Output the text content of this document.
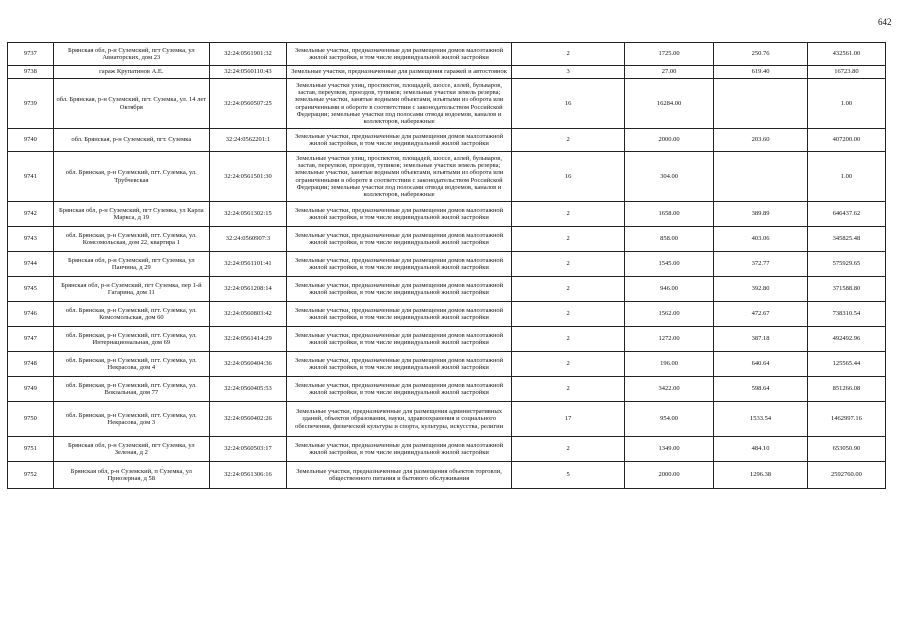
642
9737	Брянская обл, р-н Суземский, пгт Суземка, ул Авиаторских, дом 23	32:24:0561901:32	Земельные участки, предназначенные для размещения домов малоэтажной жилой застройки, в том числе индивидуальной жилой застройки	2	1725.00	250.76	432561.00
9738	гараж Крупатинов А.Е.	32:24:0560110:43	Земельные участки, предназначенные для размещения гаражей и автостоянок	3	27.00	619.40	16723.80
9739	обл. Брянская, р-н Суземский, пгт. Суземка, ул. 14 лет Октября	32:24:0560507:25	Земельные участки улиц, проспектов, площадей, шоссе, аллей, бульваров, застав, переулков, проездов, тупиков; земельные участки земель резерва; земельные участки, занятые водными объектами, изъятыми из оборота или ограниченными в обороте в соответствии с законодательством Российской Федерации; земельные участки под полосами отвода водоемов, каналов и коллекторов, набережные	16	16284.00		1.00
9740	обл. Брянская, р-н Суземский, пгт. Суземка	32:24:0562201:1	Земельные участки, предназначенные для размещения домов малоэтажной жилой застройки, в том числе индивидуальной жилой застройки	2	2000.00	203.60	407200.00
9741	обл. Брянская, р-н Суземский, пгт. Суземка, ул. Трубчевская	32:24:0561501:30	Земельные участки улиц, проспектов, площадей, шоссе, аллей, бульваров, застав, переулков, проездов, тупиков; земельные участки земель резерва; земельные участки, занятые водными объектами, изъятыми из оборота или ограниченными в обороте в соответствии с законодательством Российской Федерации; земельные участки под полосами отвода водоемов, каналов и коллекторов, набережные	16	304.00		1.00
9742	Брянская обл, р-н Суземский, пгт Суземка, ул Карла Маркса, д 19	32:24:0561302:15	Земельные участки, предназначенные для размещения домов малоэтажной жилой застройки, в том числе индивидуальной жилой застройки	2	1658.00	389.89	646437.62
9743	обл. Брянская, р-н Суземский, пгт. Суземка, ул. Комсомольская, дом 22, квартира 1	32:24:0560907:3	Земельные участки, предназначенные для размещения домов малоэтажной жилой застройки, в том числе индивидуальной жилой застройки	2	858.00	403.06	345825.48
9744	Брянская обл, р-н Суземский, пгт Суземка, ул Панчина, д 29	32:24:0561101:41	Земельные участки, предназначенные для размещения домов малоэтажной жилой застройки, в том числе индивидуальной жилой застройки	2	1545.00	372.77	575929.65
9745	Брянская обл, р-н Суземский, пгт Суземка, пер 1-й Гагарина, дом 11	32:24:0561208:14	Земельные участки, предназначенные для размещения домов малоэтажной жилой застройки, в том числе индивидуальной жилой застройки	2	946.00	392.80	371588.80
9746	обл. Брянская, р-н Суземский, пгт. Суземка, ул. Комсомольская, дом 60	32:24:0560803:42	Земельные участки, предназначенные для размещения домов малоэтажной жилой застройки, в том числе индивидуальной жилой застройки	2	1562.00	472.67	738310.54
9747	обл. Брянская, р-н Суземский, пгт. Суземка, ул. Интернациональная, дом 69	32:24:0561414:29	Земельные участки, предназначенные для размещения домов малоэтажной жилой застройки, в том числе индивидуальной жилой застройки	2	1272.00	387.18	492492.96
9748	обл. Брянская, р-н Суземский, пгт. Суземка, ул. Некрасова, дом 4	32:24:0560404:36	Земельные участки, предназначенные для размещения домов малоэтажной жилой застройки, в том числе индивидуальной жилой застройки	2	196.00	640.64	125565.44
9749	обл. Брянская, р-н Суземский, пгт. Суземка, ул. Вокзальная, дом 77	32:24:0560405:53	Земельные участки, предназначенные для размещения домов малоэтажной жилой застройки, в том числе индивидуальной жилой застройки	2	3422.00	598.64	851266.08
9750	обл. Брянская, р-н Суземский, пгт. Суземка, ул. Некрасова, дом 3	32:24:0560402:26	Земельные участки, предназначенные для размещения административных зданий, объектов образования, науки, здравоохранения и социального обеспечения, физической культуры и спорта, культуры, искусства, религии	17	954.00	1533.54	1462997.16
9751	Брянская обл, р-н Суземский, пгт Суземка, ул Зеленая, д 2	32:24:0560503:17	Земельные участки, предназначенные для размещения домов малоэтажной жилой застройки, в том числе индивидуальной жилой застройки	2	1349.00	484.10	653050.90
9752	Брянская обл, р-н Суземский, п Суземка, ул Приозерная, д 58	32:24:0561306:16	Земельные участки, предназначенные для размещения объектов торговли, общественного питания и бытового обслуживания	5	2000.00	1296.38	2592760.00
